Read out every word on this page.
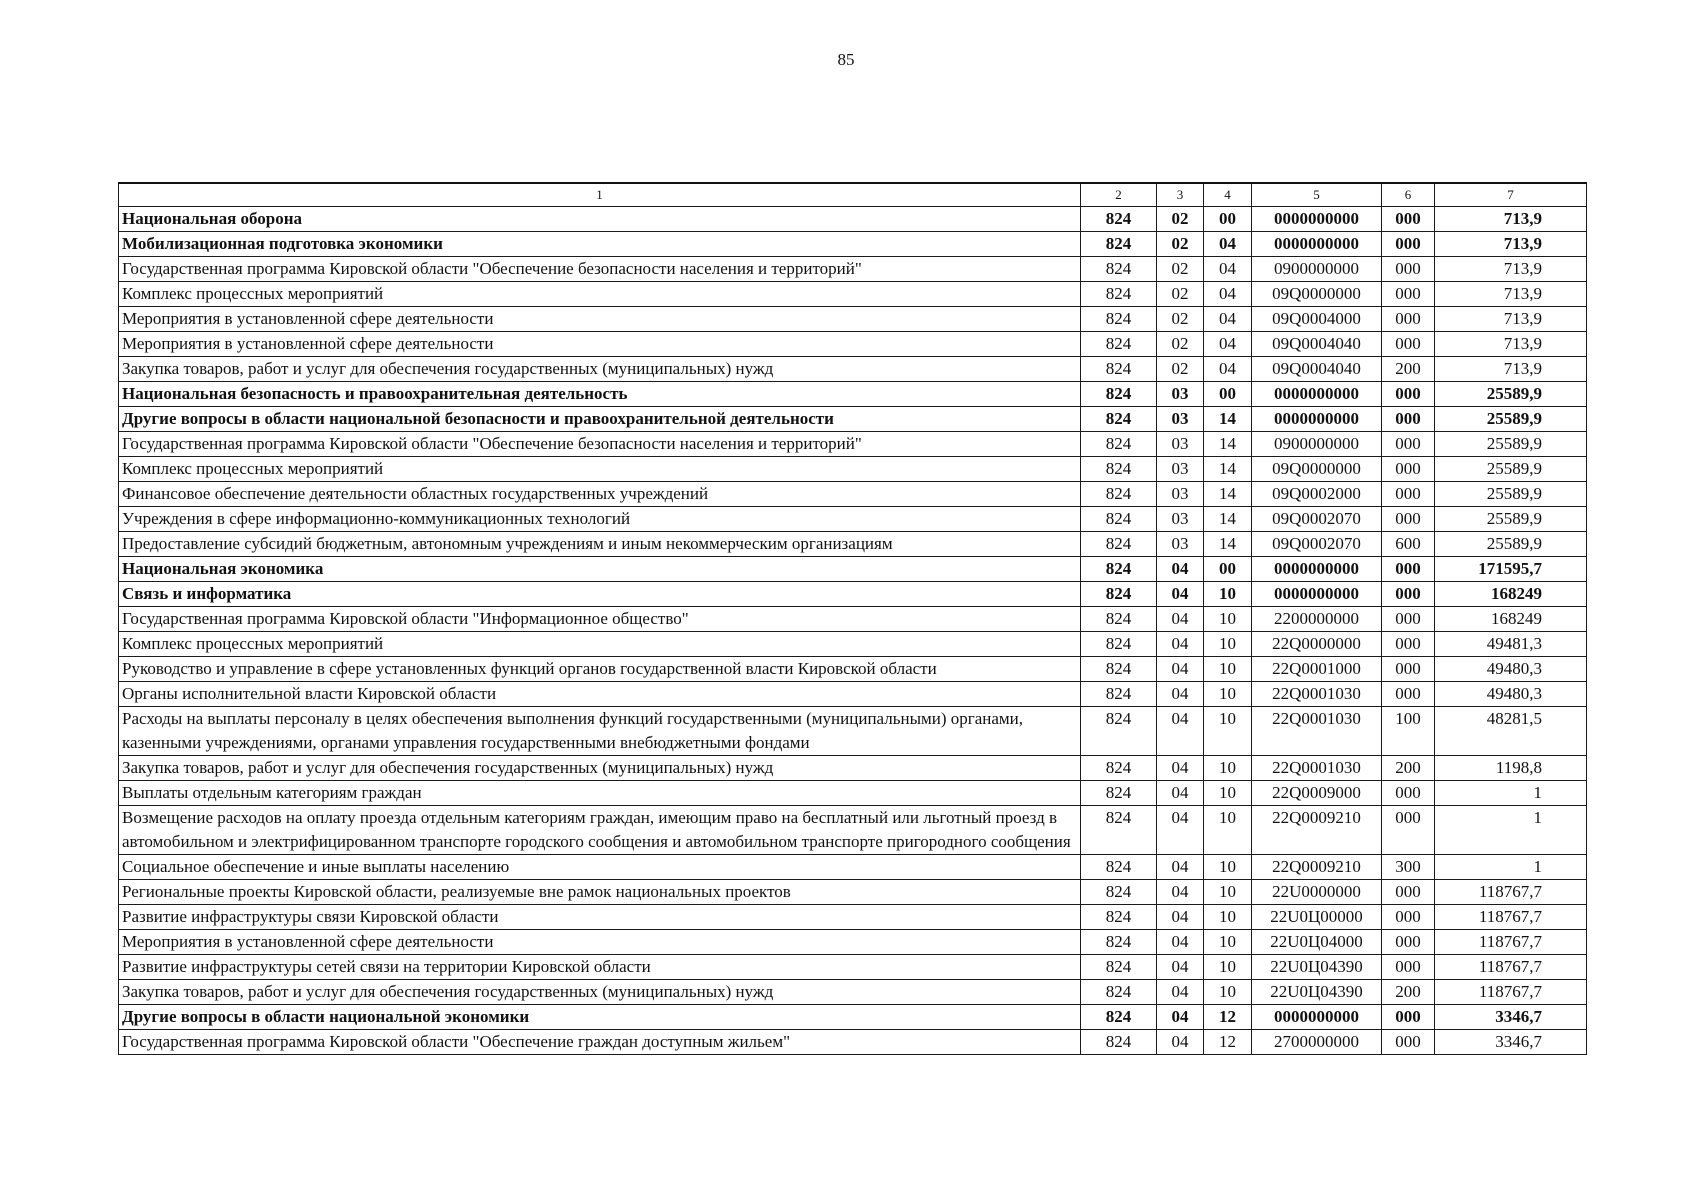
85
1	2	3	4	5	6	7
Национальная оборона	824	02	00	0000000000	000	713,9
Мобилизационная подготовка экономики	824	02	04	0000000000	000	713,9
Государственная программа Кировской области "Обеспечение безопасности населения и территорий"	824	02	04	0900000000	000	713,9
Комплекс процессных мероприятий	824	02	04	09Q0000000	000	713,9
Мероприятия в установленной сфере деятельности	824	02	04	09Q0004000	000	713,9
Мероприятия в установленной сфере деятельности	824	02	04	09Q0004040	000	713,9
Закупка товаров, работ и услуг для обеспечения государственных (муниципальных) нужд	824	02	04	09Q0004040	200	713,9
Национальная безопасность и правоохранительная деятельность	824	03	00	0000000000	000	25589,9
Другие вопросы в области национальной безопасности и правоохранительной деятельности	824	03	14	0000000000	000	25589,9
Государственная программа Кировской области "Обеспечение безопасности населения и территорий"	824	03	14	0900000000	000	25589,9
Комплекс процессных мероприятий	824	03	14	09Q0000000	000	25589,9
Финансовое обеспечение деятельности областных государственных учреждений	824	03	14	09Q0002000	000	25589,9
Учреждения в сфере информационно-коммуникационных технологий	824	03	14	09Q0002070	000	25589,9
Предоставление субсидий бюджетным, автономным учреждениям и иным некоммерческим организациям	824	03	14	09Q0002070	600	25589,9
Национальная экономика	824	04	00	0000000000	000	171595,7
Связь и информатика	824	04	10	0000000000	000	168249
Государственная программа Кировской области "Информационное общество"	824	04	10	2200000000	000	168249
Комплекс процессных мероприятий	824	04	10	22Q0000000	000	49481,3
Руководство и управление в сфере установленных функций органов государственной власти Кировской области	824	04	10	22Q0001000	000	49480,3
Органы исполнительной власти Кировской области	824	04	10	22Q0001030	000	49480,3
Расходы на выплаты персоналу в целях обеспечения выполнения функций государственными (муниципальными) органами, казенными учреждениями, органами управления государственными внебюджетными фондами	824	04	10	22Q0001030	100	48281,5
Закупка товаров, работ и услуг для обеспечения государственных (муниципальных) нужд	824	04	10	22Q0001030	200	1198,8
Выплаты отдельным категориям граждан	824	04	10	22Q0009000	000	1
Возмещение расходов на оплату проезда отдельным категориям граждан, имеющим право на бесплатный или льготный проезд в автомобильном и электрифицированном транспорте городского сообщения и автомобильном транспорте пригородного сообщения	824	04	10	22Q0009210	000	1
Социальное обеспечение и иные выплаты населению	824	04	10	22Q0009210	300	1
Региональные проекты Кировской области, реализуемые вне рамок национальных проектов	824	04	10	22U0000000	000	118767,7
Развитие инфраструктуры связи Кировской области	824	04	10	22U0Ц00000	000	118767,7
Мероприятия в установленной сфере деятельности	824	04	10	22U0Ц04000	000	118767,7
Развитие инфраструктуры сетей связи на территории Кировской области	824	04	10	22U0Ц04390	000	118767,7
Закупка товаров, работ и услуг для обеспечения государственных (муниципальных) нужд	824	04	10	22U0Ц04390	200	118767,7
Другие вопросы в области национальной экономики	824	04	12	0000000000	000	3346,7
Государственная программа Кировской области "Обеспечение граждан доступным жильем"	824	04	12	2700000000	000	3346,7
